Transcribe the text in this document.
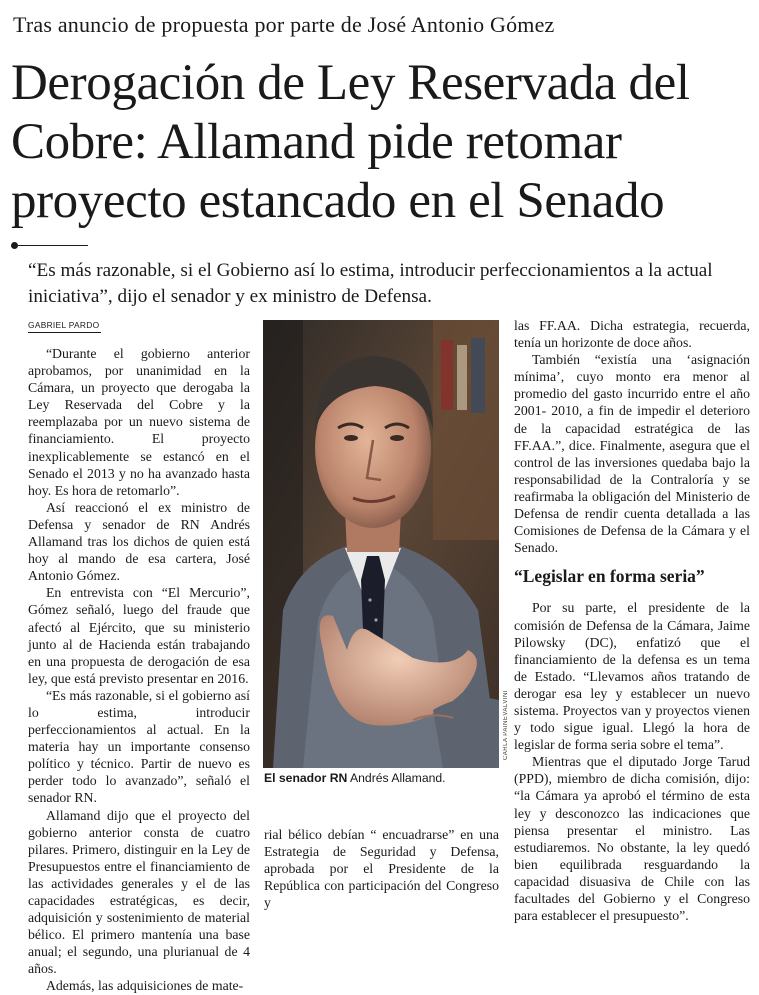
Tras anuncio de propuesta por parte de José Antonio Gómez
Derogación de Ley Reservada del Cobre: Allamand pide retomar proyecto estancado en el Senado
“Es más razonable, si el Gobierno así lo estima, introducir perfeccionamientos a la actual iniciativa”, dijo el senador y ex ministro de Defensa.
GABRIEL PARDO

“Durante el gobierno anterior aprobamos, por unanimidad en la Cámara, un proyecto que derogaba la Ley Reservada del Cobre y la reemplazaba por un nuevo sistema de financiamiento. El proyecto inexplicablemente se estancó en el Senado el 2013 y no ha avanzado hasta hoy. Es hora de retomarlo”.

Así reaccionó el ex ministro de Defensa y senador de RN Andrés Allamand tras los dichos de quien está hoy al mando de esa cartera, José Antonio Gómez.

En entrevista con “El Mercurio”, Gómez señaló, luego del fraude que afectó al Ejército, que su ministerio junto al de Hacienda están trabajando en una propuesta de derogación de esa ley, que está previsto presentar en 2016.

“Es más razonable, si el gobierno así lo estima, introducir perfeccionamientos al actual. En la materia hay un importante consenso político y técnico. Partir de nuevo es perder todo lo avanzado”, señaló el senador RN.

Allamand dijo que el proyecto del gobierno anterior consta de cuatro pilares. Primero, distinguir en la Ley de Presupuestos entre el financiamiento de las actividades generales y el de las capacidades estratégicas, es decir, adquisición y sostenimiento de material bélico. El primero mantenía una base anual; el segundo, una plurianual de 4 años.

Además, las adquisiciones de mate-

CARLA PAINEVALVINI
El senador RN Andrés Allamand.

rial bélico debían “ encuadrarse” en una Estrategia de Seguridad y Defensa, aprobada por el Presidente de la República con participación del Congreso y

las FF.AA. Dicha estrategia, recuerda, tenía un horizonte de doce años.

También “existía una ‘asignación mínima’, cuyo monto era menor al promedio del gasto incurrido entre el año 2001- 2010, a fin de impedir el deterioro de la capacidad estratégica de las FF.AA.”, dice. Finalmente, asegura que el control de las inversiones quedaba bajo la responsabilidad de la Contraloría y se reafirmaba la obligación del Ministerio de Defensa de rendir cuenta detallada a las Comisiones de Defensa de la Cámara y el Senado.

“Legislar en forma seria”

Por su parte, el presidente de la comisión de Defensa de la Cámara, Jaime Pilowsky (DC), enfatizó que el financiamiento de la defensa es un tema de Estado. “Llevamos años tratando de derogar esa ley y establecer un nuevo sistema. Proyectos van y proyectos vienen y todo sigue igual. Llegó la hora de legislar de forma seria sobre el tema”.

Mientras que el diputado Jorge Tarud (PPD), miembro de dicha comisión, dijo: “la Cámara ya aprobó el término de esta ley y desconozco las indicaciones que piensa presentar el ministro. Las estudiaremos. No obstante, la ley quedó bien equilibrada resguardando la capacidad disuasiva de Chile con las facultades del Gobierno y el Congreso para establecer el presupuesto”.
